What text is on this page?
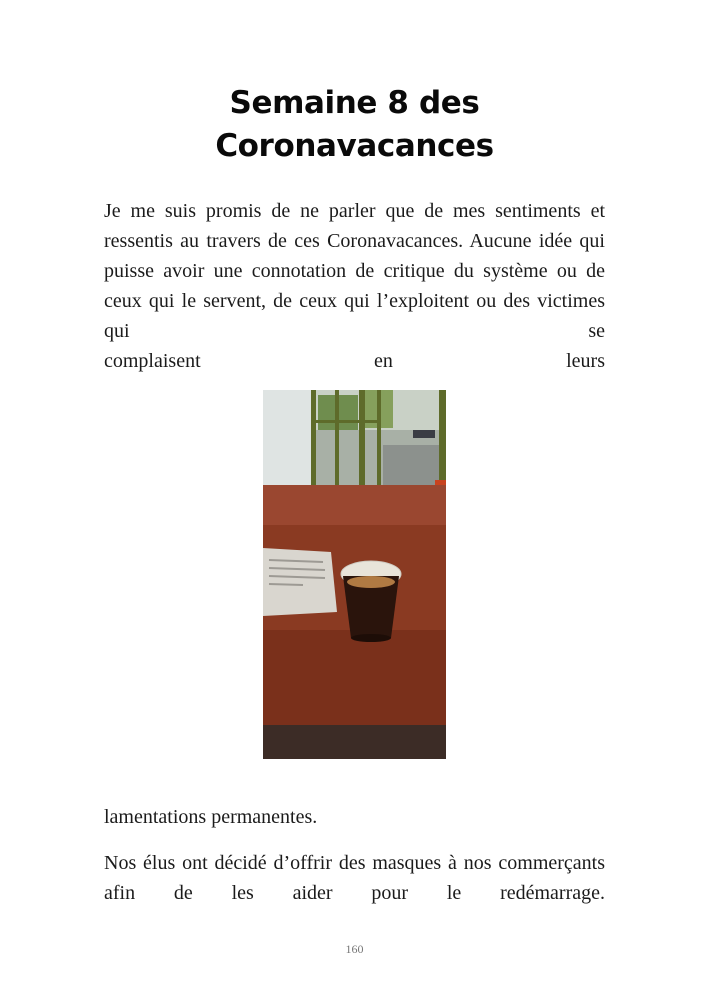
Semaine 8 des
Coronavacances

Je me suis promis de ne parler que de mes sentiments et ressentis au travers de ces Coronavacances. Aucune idée qui puisse avoir une connotation de critique du système ou de ceux qui le servent, de ceux qui l’exploitent ou des victimes qui se
complaisent en leurs

lamentations permanentes.

Nos élus ont décidé d’offrir des masques à nos commerçants afin de les aider pour le redémarrage.

160
